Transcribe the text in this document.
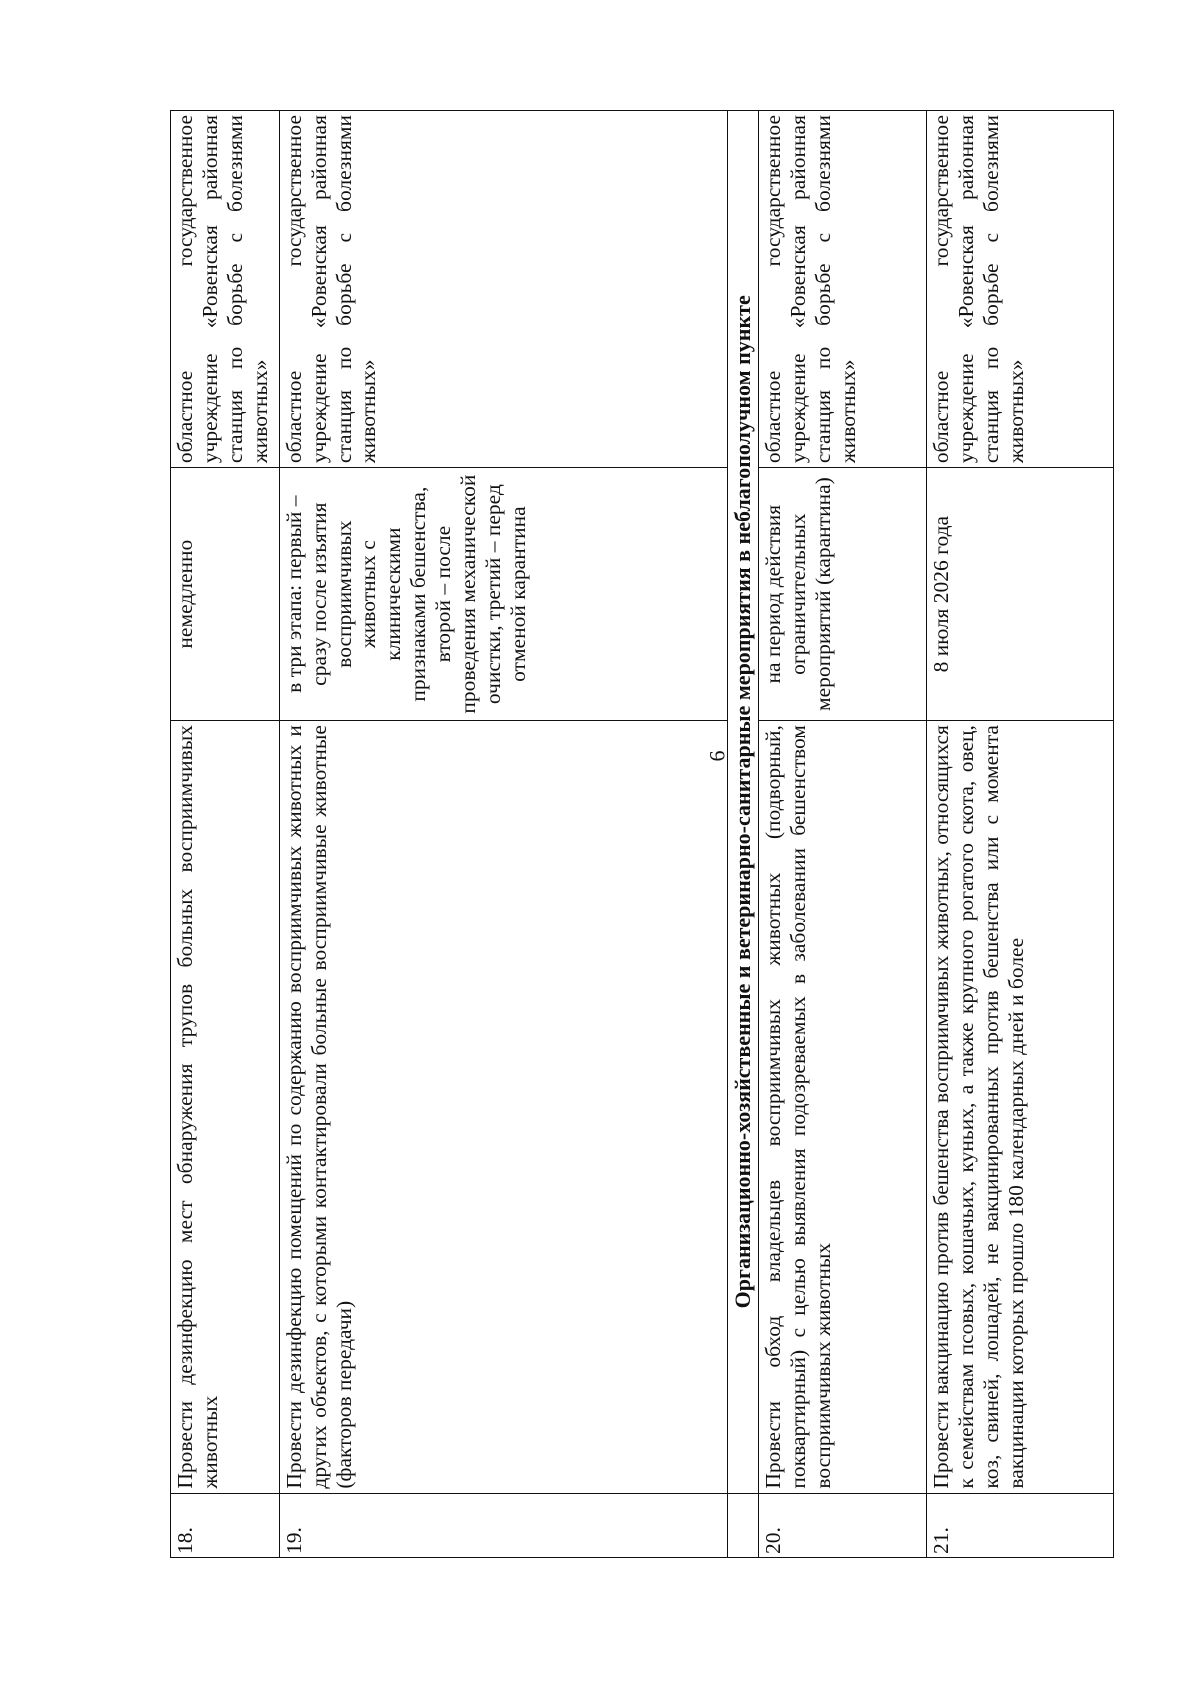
6
18.	Провести дезинфекцию мест обнаружения трупов больных восприимчивых животных	немедленно	областное государственное учреждение «Ровенская районная станция по борьбе с болезнями животных»
19.	Провести дезинфекцию помещений по содержанию восприимчивых животных и других объектов, с которыми контактировали больные восприимчивые животные (факторов передачи)	в три этапа: первый – сразу после изъятия восприимчивых животных с клиническими признаками бешенства, второй – после проведения механической очистки, третий – перед отменой карантина	областное государственное учреждение «Ровенская районная станция по борьбе с болезнями животных»
	Организационно-хозяйственные и ветеринарно-санитарные мероприятия в неблагополучном пункте		
20.	Провести обход владельцев восприимчивых животных (подворный, поквартирный) с целью выявления подозреваемых в заболевании бешенством восприимчивых животных	на период действия ограничительных мероприятий (карантина)	областное государственное учреждение «Ровенская районная станция по борьбе с болезнями животных»
21.	Провести вакцинацию против бешенства восприимчивых животных, относящихся к семействам псовых, кошачьих, куньих, а также крупного рогатого скота, овец, коз, свиней, лошадей, не вакцинированных против бешенства или с момента вакцинации которых прошло 180 календарных дней и более	8 июля 2026 года	областное государственное учреждение «Ровенская районная станция по борьбе с болезнями животных»
